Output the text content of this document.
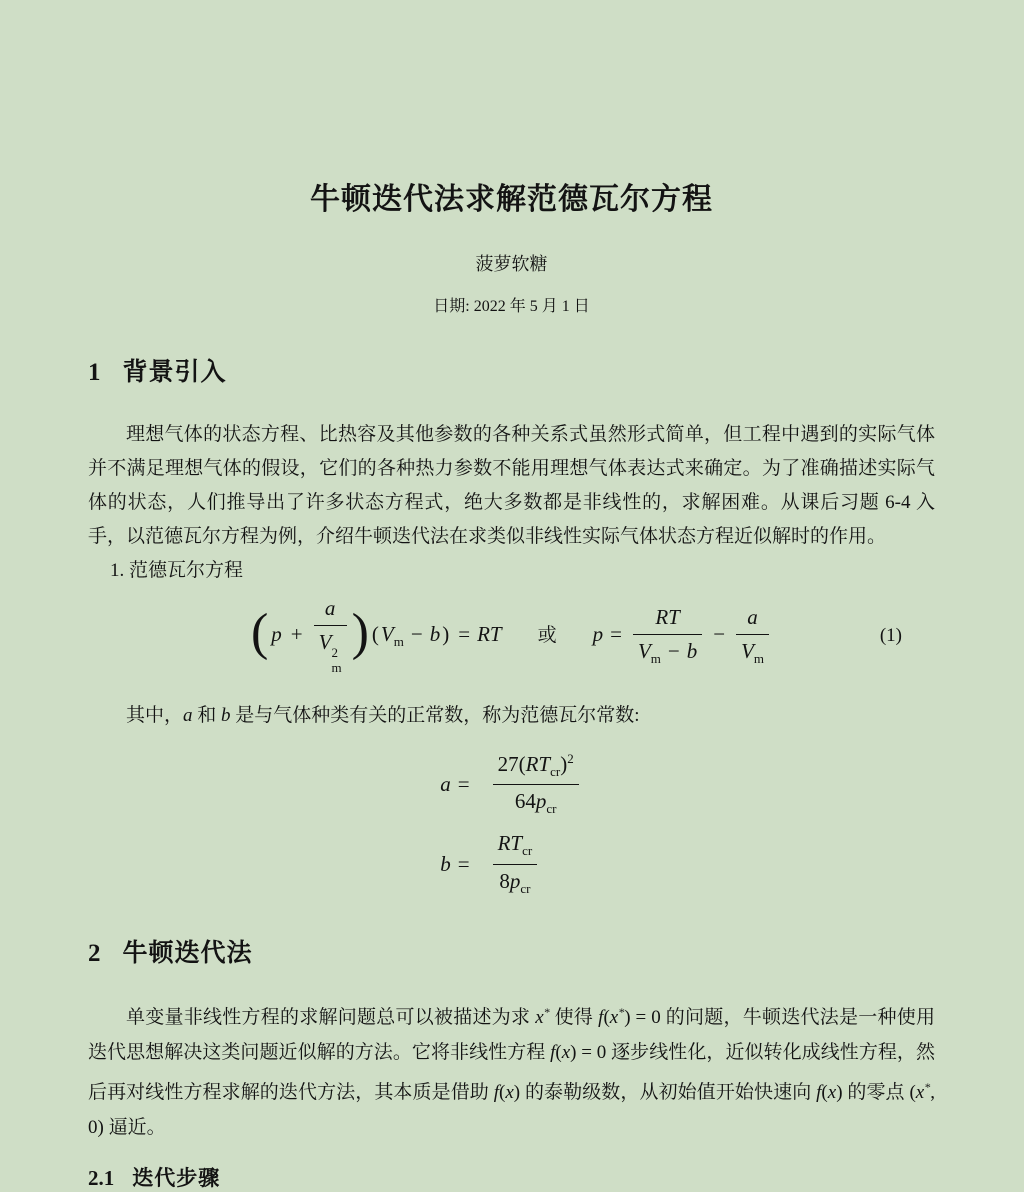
牛顿迭代法求解范德瓦尔方程
菠萝软糖
日期: 2022 年 5 月 1 日
1 背景引入

理想气体的状态方程、比热容及其他参数的各种关系式虽然形式简单，但工程中遇到的实际气体并不满足理想气体的假设，它们的各种热力参数不能用理想气体表达式来确定。为了准确描述实际气体的状态，人们推导出了许多状态方程式，绝大多数都是非线性的，求解困难。从课后习题 6-4 入手，以范德瓦尔方程为例，介绍牛顿迭代法在求类似非线性实际气体状态方程近似解时的作用。

1. 范德瓦尔方程
( p + a
V 2
m ) $(V_m - b)$ = RT 或 $p = \frac{RT}{V_m - b} - \frac{a}{V_m}$	(1)

其中，a 和 b 是与气体种类有关的正常数，称为范德瓦尔常数:

a =	$\frac{27(RT_{cr})^2}{64p_{cr}}$
b =	$\frac{RT_{cr}}{8p_{cr}}$
2 牛顿迭代法

单变量非线性方程的求解问题总可以被描述为求 x* 使得 f(x*) = 0 的问题，牛顿迭代法是一种使用迭代思想解决这类问题近似解的方法。它将非线性方程 f(x) = 0 逐步线性化，近似转化成线性方程，然后再对线性方程求解的迭代方法，其本质是借助 f(x) 的泰勒级数，从初始值开始快速向 f(x) 的零点 (x*, 0) 逼近。

2.1 迭代步骤
